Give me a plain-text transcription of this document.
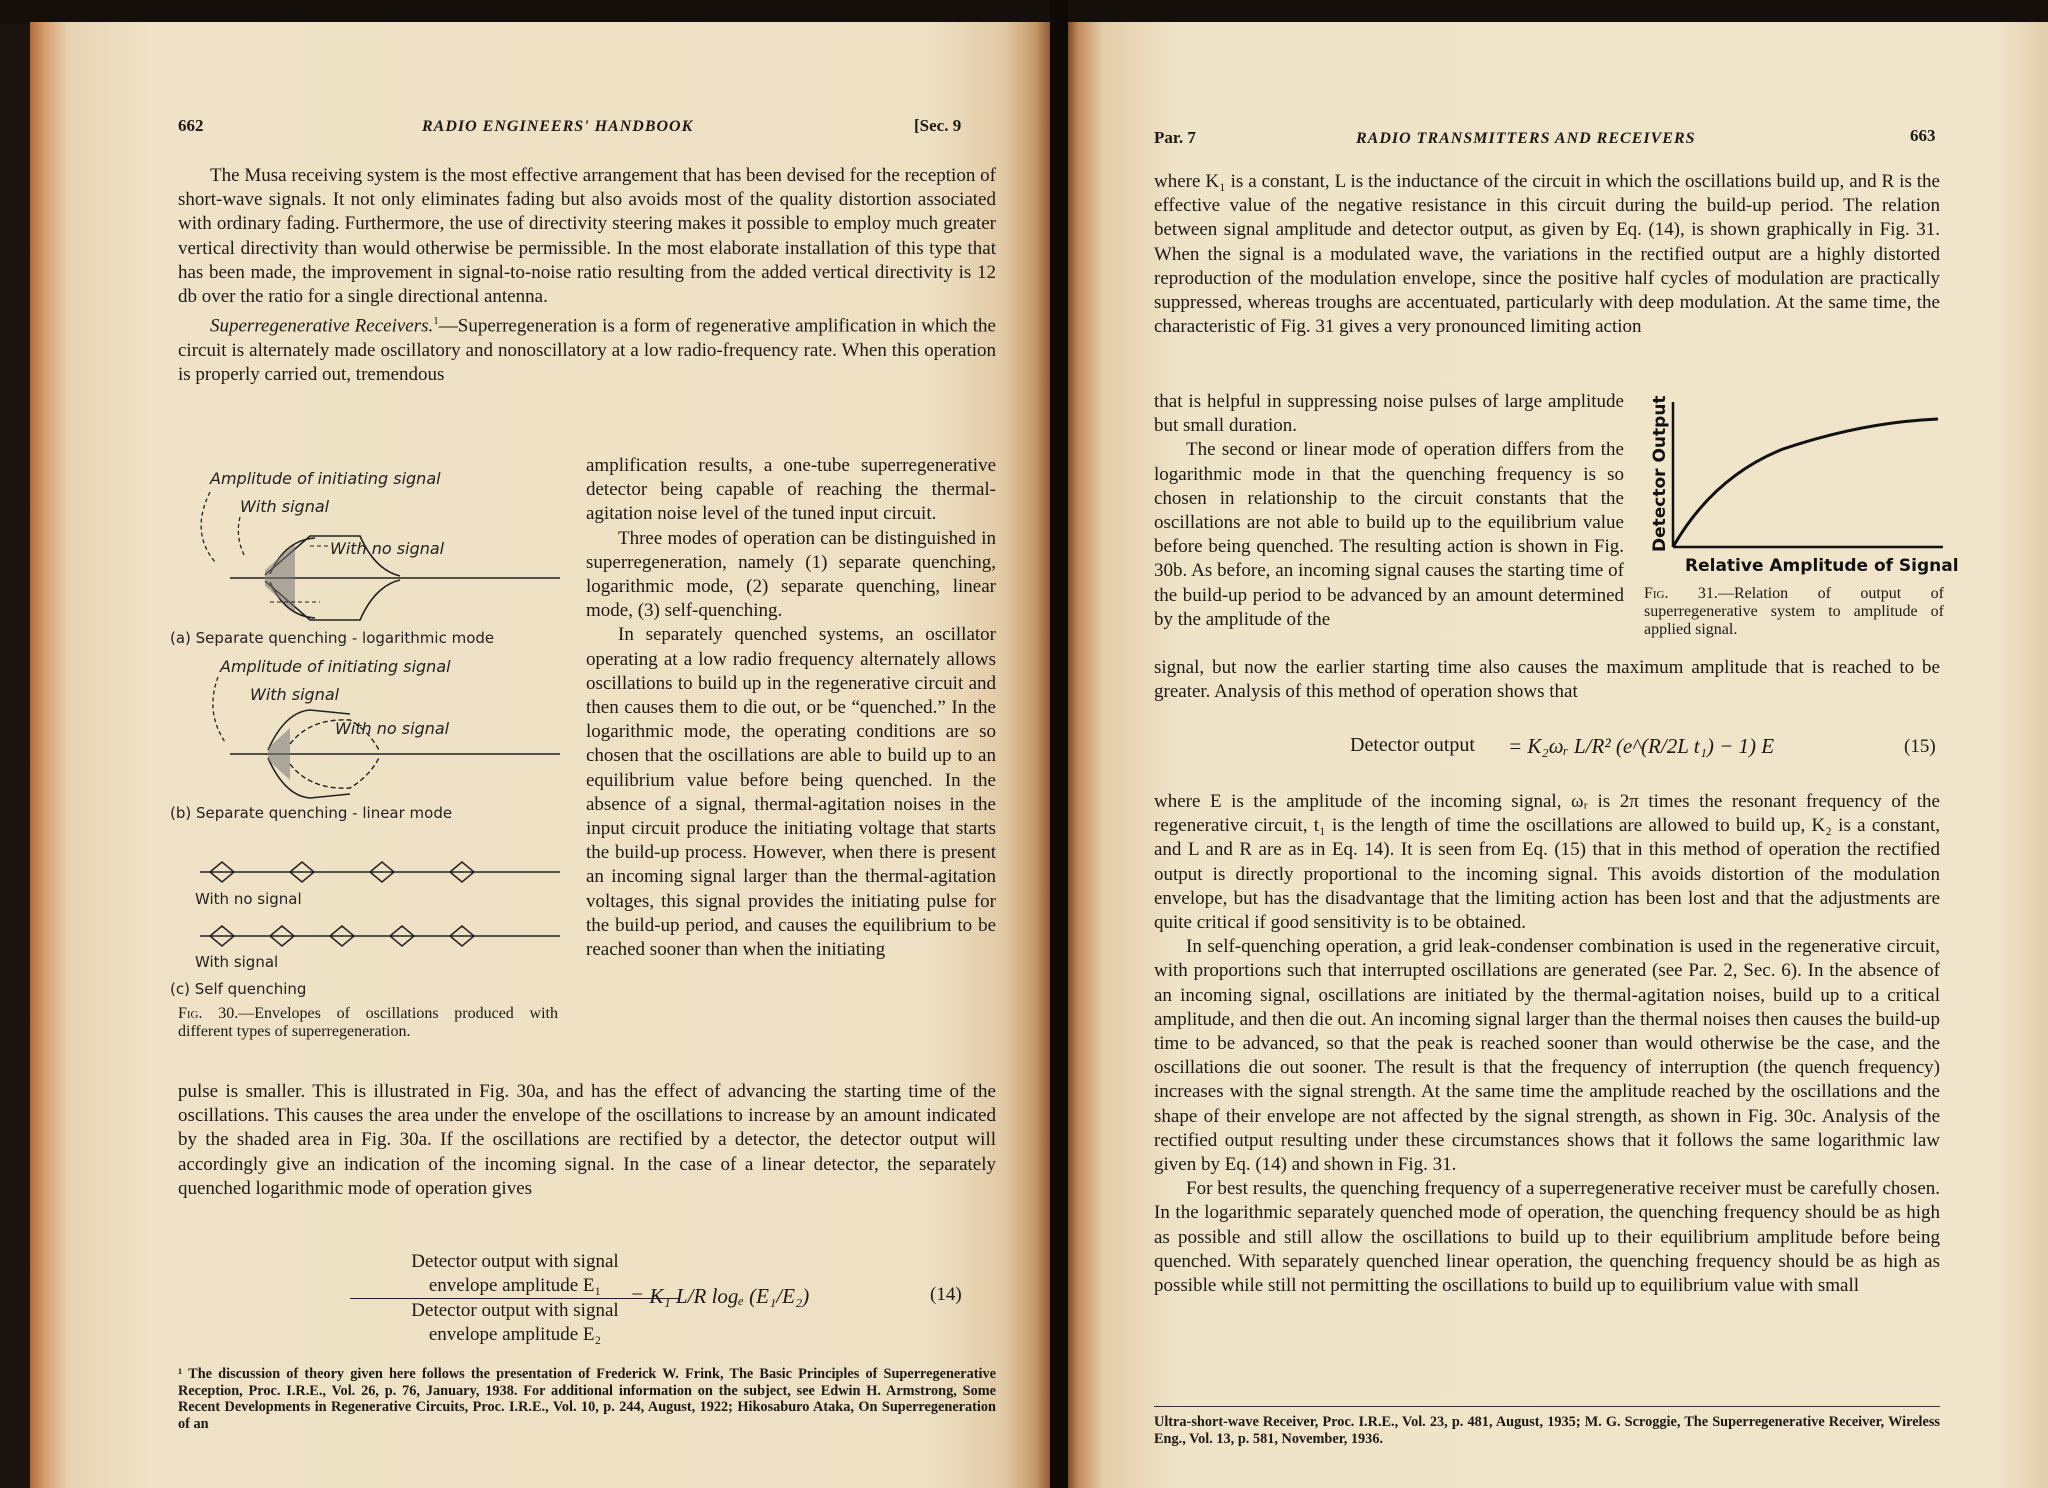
662	RADIO ENGINEERS' HANDBOOK	[Sec. 9

The Musa receiving system is the most effective arrangement that has been devised for the reception of short-wave signals. It not only eliminates fading but also avoids most of the quality distortion associated with ordinary fading. Furthermore, the use of directivity steering makes it possible to employ much greater vertical directivity than would otherwise be permissible. In the most elaborate installation of this type that has been made, the improvement in signal-to-noise ratio resulting from the added vertical directivity is 12 db over the ratio for a single directional antenna.

Superregenerative Receivers.$^1$—Superregeneration is a form of regenerative amplification in which the circuit is alternately made oscillatory and nonoscillatory at a low radio-frequency rate. When this operation is properly carried out, tremendous

Amplitude of initiating signal
With signal
With no signal
(a) Separate quenching - logarithmic mode
Amplitude of initiating signal
With signal
With no signal
(b) Separate quenching - linear mode
With no signal
With signal
(c) Self quenching
Fig. 30.—Envelopes of oscillations produced with different types of superregeneration.

amplification results, a one-tube superregenerative detector being capable of reaching the thermal-agitation noise level of the tuned input circuit.

Three modes of operation can be distinguished in superregeneration, namely (1) separate quenching, logarithmic mode, (2) separate quenching, linear mode, (3) self-quenching.

In separately quenched systems, an oscillator operating at a low radio frequency alternately allows oscillations to build up in the regenerative circuit and then causes them to die out, or be “quenched.” In the logarithmic mode, the operating conditions are so chosen that the oscillations are able to build up to an equilibrium value before being quenched. In the absence of a signal, thermal-agitation noises in the input circuit produce the initiating voltage that starts the build-up process. However, when there is present an incoming signal larger than the thermal-agitation voltages, this signal provides the initiating pulse for the build-up period, and causes the equilibrium to be reached sooner than when the initiating

pulse is smaller. This is illustrated in Fig. 30a, and has the effect of advancing the starting time of the oscillations. This causes the area under the envelope of the oscillations to increase by an amount indicated by the shaded area in Fig. 30a. If the oscillations are rectified by a detector, the detector output will accordingly give an indication of the incoming signal. In the case of a linear detector, the separately quenched logarithmic mode of operation gives

Detector output with signal
envelope amplitude E₁
Detector output with signal
envelope amplitude E₂
= K₁ L/R logₑ (E₁/E₂)	(14)
¹ The discussion of theory given here follows the presentation of Frederick W. Frink, The Basic Principles of Superregenerative Reception, Proc. I.R.E., Vol. 26, p. 76, January, 1938. For additional information on the subject, see Edwin H. Armstrong, Some Recent Developments in Regenerative Circuits, Proc. I.R.E., Vol. 10, p. 244, August, 1922; Hikosaburo Ataka, On Superregeneration of an
Par. 7	RADIO TRANSMITTERS AND RECEIVERS	663

where K₁ is a constant, L is the inductance of the circuit in which the oscillations build up, and R is the effective value of the negative resistance in this circuit during the build-up period. The relation between signal amplitude and detector output, as given by Eq. (14), is shown graphically in Fig. 31. When the signal is a modulated wave, the variations in the rectified output are a highly distorted reproduction of the modulation envelope, since the positive half cycles of modulation are practically suppressed, whereas troughs are accentuated, particularly with deep modulation. At the same time, the characteristic of Fig. 31 gives a very pronounced limiting action

that is helpful in suppressing noise pulses of large amplitude but small duration.

The second or linear mode of operation differs from the logarithmic mode in that the quenching frequency is so chosen in relationship to the circuit constants that the oscillations are not able to build up to the equilibrium value before being quenched. The resulting action is shown in Fig. 30b. As before, an incoming signal causes the starting time of the build-up period to be advanced by an amount determined by the amplitude of the

Detector Output
Relative Amplitude of Signal
Fig. 31.—Relation of output of superregenerative system to amplitude of applied signal.

signal, but now the earlier starting time also causes the maximum amplitude that is reached to be greater. Analysis of this method of operation shows that

Detector output = K₂ωᵣ L/R² (e^(R/2L t₁) − 1) E	(15)

where E is the amplitude of the incoming signal, ωᵣ is 2π times the resonant frequency of the regenerative circuit, t₁ is the length of time the oscillations are allowed to build up, K₂ is a constant, and L and R are as in Eq. 14). It is seen from Eq. (15) that in this method of operation the rectified output is directly proportional to the incoming signal. This avoids distortion of the modulation envelope, but has the disadvantage that the limiting action has been lost and that the adjustments are quite critical if good sensitivity is to be obtained.

In self-quenching operation, a grid leak-condenser combination is used in the regenerative circuit, with proportions such that interrupted oscillations are generated (see Par. 2, Sec. 6). In the absence of an incoming signal, oscillations are initiated by the thermal-agitation noises, build up to a critical amplitude, and then die out. An incoming signal larger than the thermal noises then causes the build-up time to be advanced, so that the peak is reached sooner than would otherwise be the case, and the oscillations die out sooner. The result is that the frequency of interruption (the quench frequency) increases with the signal strength. At the same time the amplitude reached by the oscillations and the shape of their envelope are not affected by the signal strength, as shown in Fig. 30c. Analysis of the rectified output resulting under these circumstances shows that it follows the same logarithmic law given by Eq. (14) and shown in Fig. 31.

For best results, the quenching frequency of a superregenerative receiver must be carefully chosen. In the logarithmic separately quenched mode of operation, the quenching frequency should be as high as possible and still allow the oscillations to build up to their equilibrium amplitude before being quenched. With separately quenched linear operation, the quenching frequency should be as high as possible while still not permitting the oscillations to build up to equilibrium value with small

Ultra-short-wave Receiver, Proc. I.R.E., Vol. 23, p. 481, August, 1935; M. G. Scroggie, The Superregenerative Receiver, Wireless Eng., Vol. 13, p. 581, November, 1936.
